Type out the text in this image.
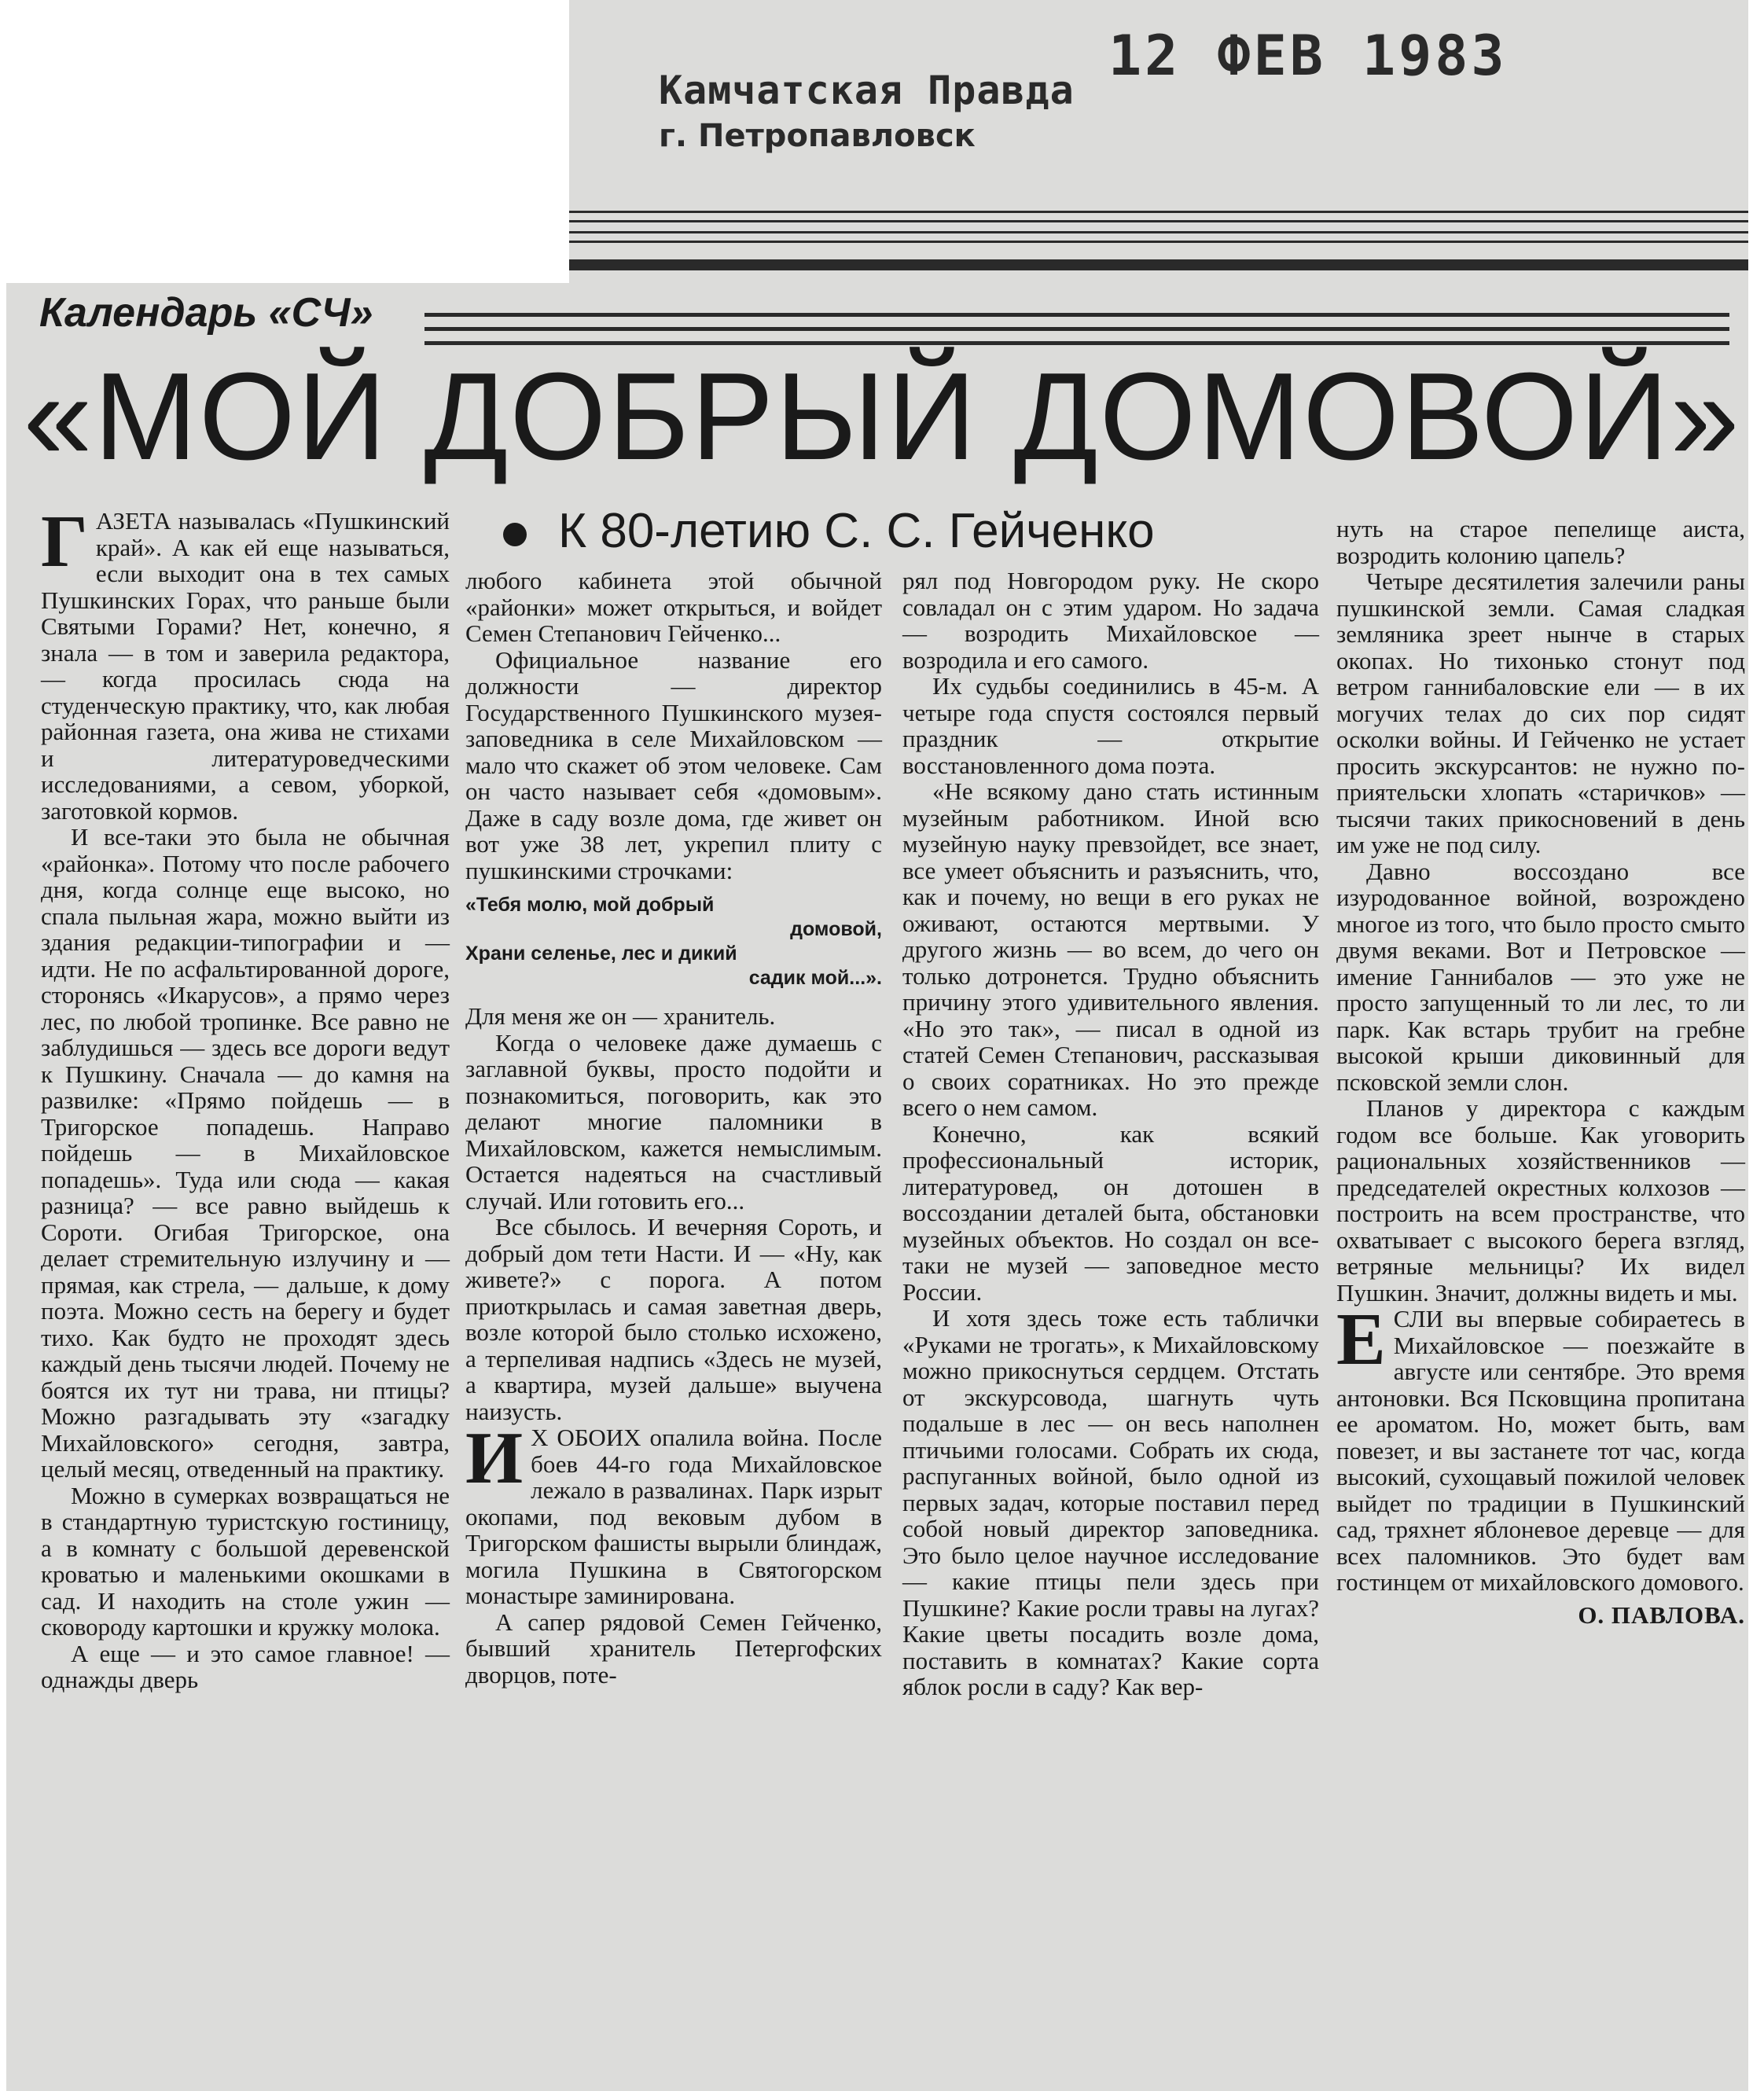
Камчатская Правда
г. Петропавловск
12 ФЕВ 1983
Календарь «СЧ»
«МОЙ ДОБРЫЙ ДОМОВОЙ»
К 80-летию С. С. Гейченко

ГАЗЕТА называлась «Пушкинский край». А как ей еще называться, если выходит она в тех самых Пушкинских Горах, что раньше были Святыми Горами? Нет, конечно, я знала — в том и заверила редактора, — когда просилась сюда на студенческую практику, что, как любая районная газета, она жива не стихами и литературоведческими исследованиями, а севом, уборкой, заготовкой кормов.

И все-таки это была не обычная «районка». Потому что после рабочего дня, когда солнце еще высоко, но спала пыльная жара, можно выйти из здания редакции-типографии и — идти. Не по асфальтированной дороге, сторонясь «Икарусов», а прямо через лес, по любой тропинке. Все равно не заблудишься — здесь все дороги ведут к Пушкину. Сначала — до камня на развилке: «Прямо пойдешь — в Тригорское попадешь. Направо пойдешь — в Михайловское попадешь». Туда или сюда — какая разница? — все равно выйдешь к Сороти. Огибая Тригорское, она делает стремительную излучину и — прямая, как стрела, — дальше, к дому поэта. Можно сесть на берегу и будет тихо. Как будто не проходят здесь каждый день тысячи людей. Почему не боятся их тут ни трава, ни птицы? Можно разгадывать эту «загадку Михайловского» сегодня, завтра, целый месяц, отведенный на практику.

Можно в сумерках возвращаться не в стандартную туристскую гостиницу, а в комнату с большой деревенской кроватью и маленькими окошками в сад. И находить на столе ужин — сковороду картошки и кружку молока.

А еще — и это самое главное! — однажды дверь

любого кабинета этой обычной «районки» может открыться, и войдет Семен Степанович Гейченко...

Официальное название его должности — директор Государственного Пушкинского музея-заповедника в селе Михайловском — мало что скажет об этом человеке. Сам он часто называет себя «домовым». Даже в саду возле дома, где живет он вот уже 38 лет, укрепил плиту с пушкинскими строчками:

«Тебя молю, мой добрый
домовой,
Храни селенье, лес и дикий
садик мой...».

Для меня же он — хранитель.

Когда о человеке даже думаешь с заглавной буквы, просто подойти и познакомиться, поговорить, как это делают многие паломники в Михайловском, кажется немыслимым. Остается надеяться на счастливый случай. Или готовить его...

Все сбылось. И вечерняя Сороть, и добрый дом тети Насти. И — «Ну, как живете?» с порога. А потом приоткрылась и самая заветная дверь, возле которой было столько исхожено, а терпеливая надпись «Здесь не музей, а квартира, музей дальше» выучена наизусть.

И Х ОБОИХ опалила война. После боев 44-го года Михайловское лежало в развалинах. Парк изрыт окопами, под вековым дубом в Тригорском фашисты вырыли блиндаж, могила Пушкина в Святогорском монастыре заминирована.

А сапер рядовой Семен Гейченко, бывший хранитель Петергофских дворцов, поте-

рял под Новгородом руку. Не скоро совладал он с этим ударом. Но задача — возродить Михайловское — возродила и его самого.

Их судьбы соединились в 45-м. А четыре года спустя состоялся первый праздник — открытие восстановленного дома поэта.

«Не всякому дано стать истинным музейным работником. Иной всю музейную науку превзойдет, все знает, все умеет объяснить и разъяснить, что, как и почему, но вещи в его руках не оживают, остаются мертвыми. У другого жизнь — во всем, до чего он только дотронется. Трудно объяснить причину этого удивительного явления. «Но это так», — писал в одной из статей Семен Степанович, рассказывая о своих соратниках. Но это прежде всего о нем самом.

Конечно, как всякий профессиональный историк, литературовед, он дотошен в воссоздании деталей быта, обстановки музейных объектов. Но создал он все-таки не музей — заповедное место России.

И хотя здесь тоже есть таблички «Руками не трогать», к Михайловскому можно прикоснуться сердцем. Отстать от экскурсовода, шагнуть чуть подальше в лес — он весь наполнен птичьими голосами. Собрать их сюда, распуганных войной, было одной из первых задач, которые поставил перед собой новый директор заповедника. Это было целое научное исследование — какие птицы пели здесь при Пушкине? Какие росли травы на лугах? Какие цветы посадить возле дома, поставить в комнатах? Какие сорта яблок росли в саду? Как вер-

нуть на старое пепелище аиста, возродить колонию цапель?

Четыре десятилетия залечили раны пушкинской земли. Самая сладкая земляника зреет нынче в старых окопах. Но тихонько стонут под ветром ганнибаловские ели — в их могучих телах до сих пор сидят осколки войны. И Гейченко не устает просить экскурсантов: не нужно по-приятельски хлопать «старичков» — тысячи таких прикосновений в день им уже не под силу.

Давно воссоздано все изуродованное войной, возрождено многое из того, что было просто смыто двумя веками. Вот и Петровское — имение Ганнибалов — это уже не просто запущенный то ли лес, то ли парк. Как встарь трубит на гребне высокой крыши диковинный для псковской земли слон.

Планов у директора с каждым годом все больше. Как уговорить рациональных хозяйственников — председателей окрестных колхозов — построить на всем пространстве, что охватывает с высокого берега взгляд, ветряные мельницы? Их видел Пушкин. Значит, должны видеть и мы.

ЕСЛИ вы впервые собираетесь в Михайловское — поезжайте в августе или сентябре. Это время антоновки. Вся Псковщина пропитана ее ароматом. Но, может быть, вам повезет, и вы застанете тот час, когда высокий, сухощавый пожилой человек выйдет по традиции в Пушкинский сад, тряхнет яблоневое деревце — для всех паломников. Это будет вам гостинцем от михайловского домового.

О. ПАВЛОВА.
